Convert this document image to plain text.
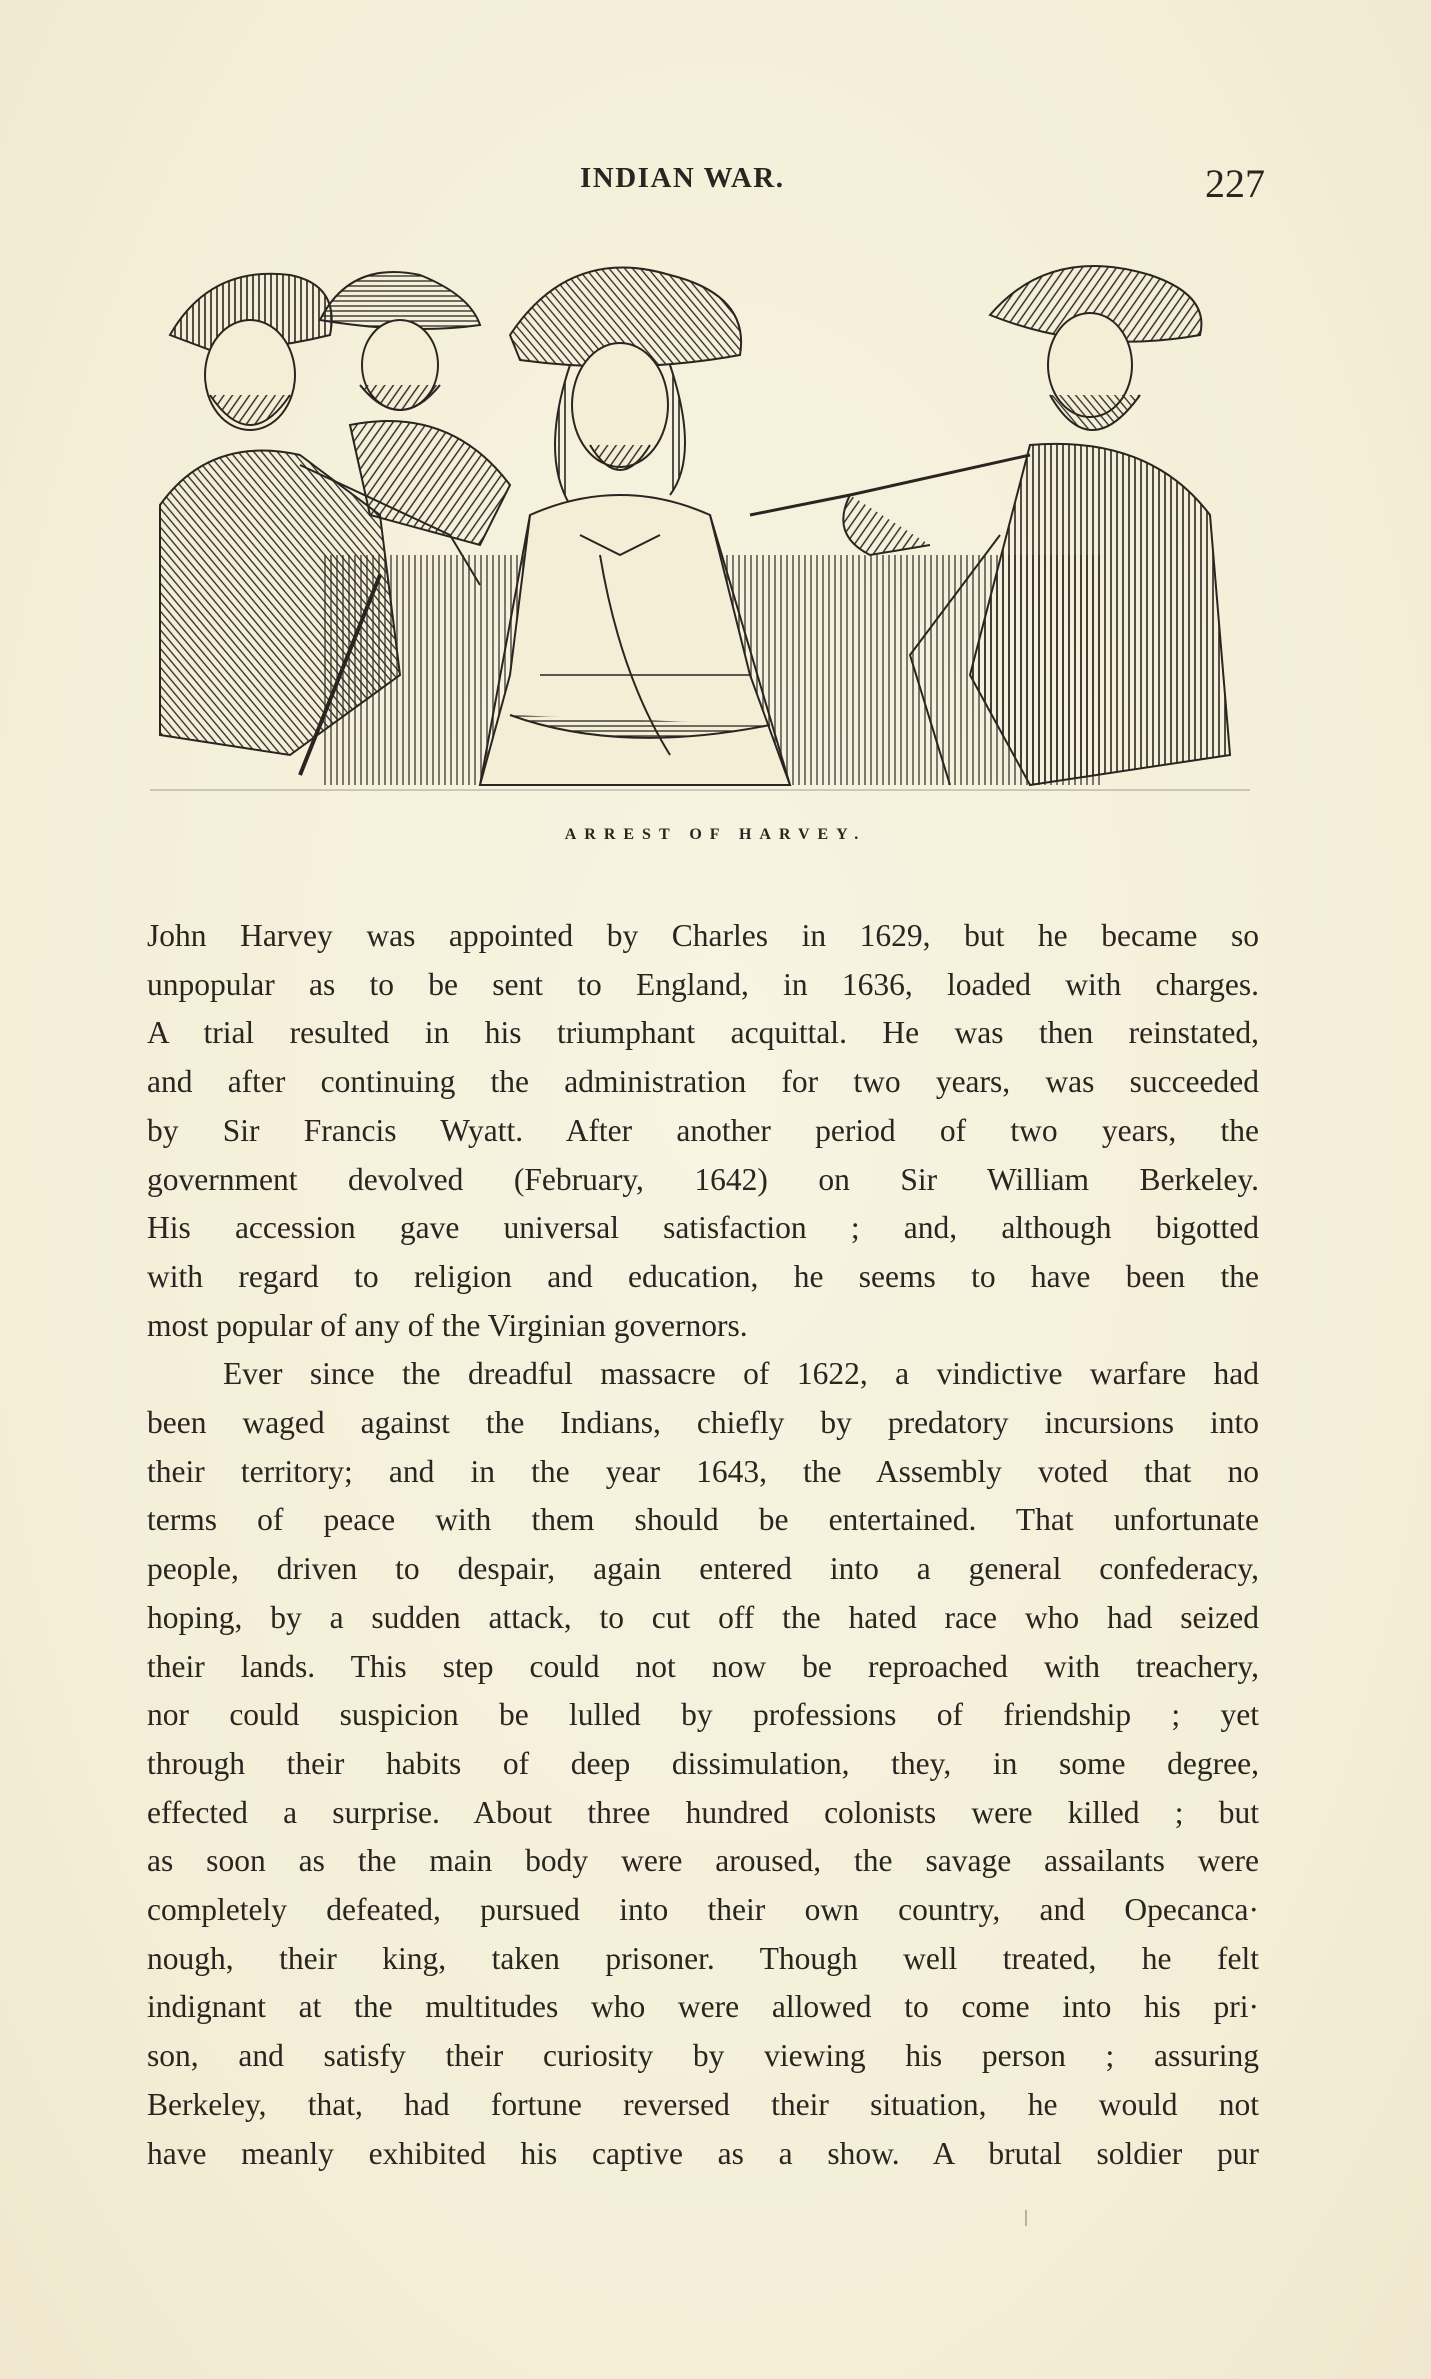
INDIAN WAR.	227
ARREST OF HARVEY.
John Harvey was appointed by Charles in 1629, but he became so
unpopular as to be sent to England, in 1636, loaded with charges.
A trial resulted in his triumphant acquittal. He was then reinstated,
and after continuing the administration for two years, was succeeded
by Sir Francis Wyatt. After another period of two years, the
government devolved (February, 1642) on Sir William Berkeley.
His accession gave universal satisfaction ; and, although bigotted
with regard to religion and education, he seems to have been the
most popular of any of the Virginian governors.
Ever since the dreadful massacre of 1622, a vindictive warfare had
been waged against the Indians, chiefly by predatory incursions into
their territory; and in the year 1643, the Assembly voted that no
terms of peace with them should be entertained. That unfortunate
people, driven to despair, again entered into a general confederacy,
hoping, by a sudden attack, to cut off the hated race who had seized
their lands. This step could not now be reproached with treachery,
nor could suspicion be lulled by professions of friendship ; yet
through their habits of deep dissimulation, they, in some degree,
effected a surprise. About three hundred colonists were killed ; but
as soon as the main body were aroused, the savage assailants were
completely defeated, pursued into their own country, and Opecanca·
nough, their king, taken prisoner. Though well treated, he felt
indignant at the multitudes who were allowed to come into his pri·
son, and satisfy their curiosity by viewing his person ; assuring
Berkeley, that, had fortune reversed their situation, he would not
have meanly exhibited his captive as a show. A brutal soldier pur
